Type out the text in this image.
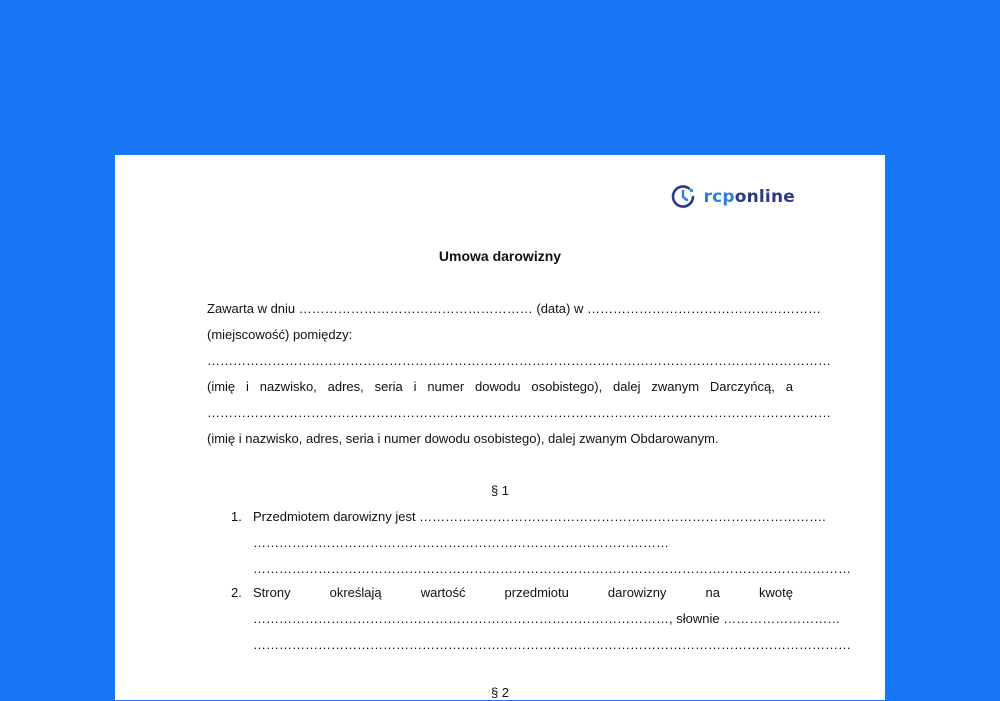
rcponline
Umowa darowizny
Zawarta w dniu ……………………………………………… (data) w ………………………………………………
(miejscowość) pomiędzy:
………………………………………………………………………………………………………………………………
(imię i nazwisko, adres, seria i numer dowodu osobistego), dalej zwanym Darczyńcą, a
………………………………………………………………………………………………………………………………
(imię i nazwisko, adres, seria i numer dowodu osobistego), dalej zwanym Obdarowanym.
§ 1
1. Przedmiotem darowizny jest ………………………………………………………………………………….
……………………………………………………………………………………
…………………………………………………………………………………………………………………………
2. Strony	określają	wartość	przedmiotu	darowizny	na	kwotę
……………………………………………………………………………………, słownie ………………………
…………………………………………………………………………………………………………………………
§ 2
